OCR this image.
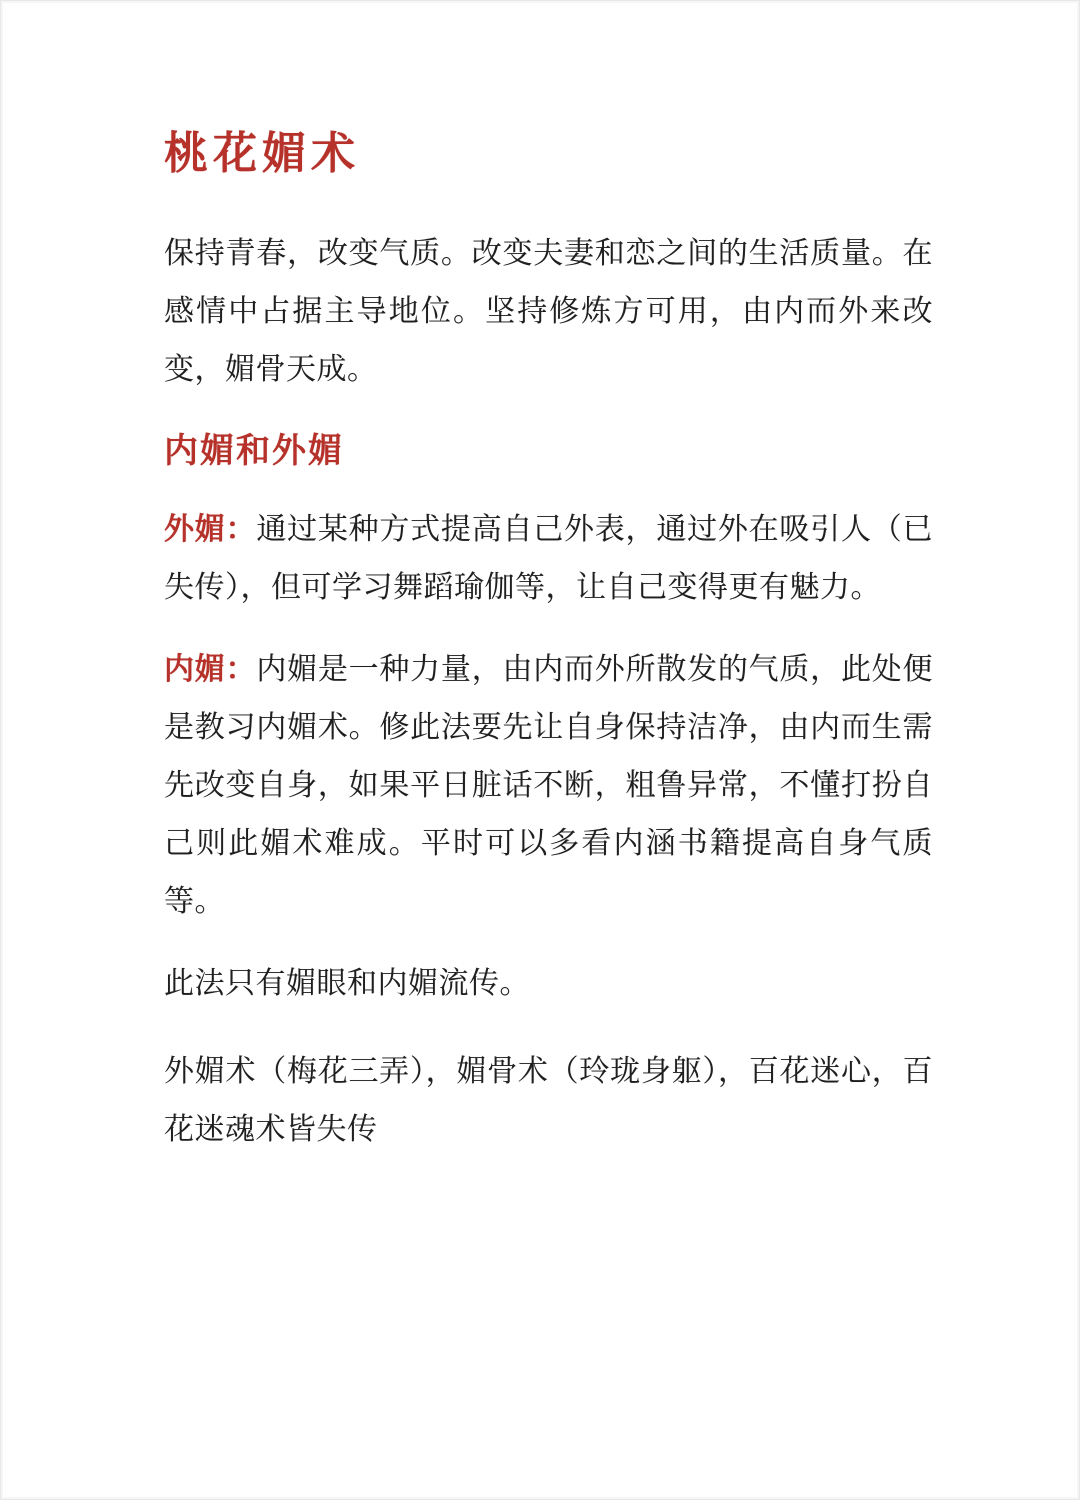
桃花媚术

保持青春，改变气质。改变夫妻和恋之间的生活质量。在感情中占据主导地位。坚持修炼方可用，由内而外来改变，媚骨天成。

内媚和外媚

外媚：通过某种方式提高自己外表，通过外在吸引人（已失传），但可学习舞蹈瑜伽等，让自己变得更有魅力。

内媚：内媚是一种力量，由内而外所散发的气质，此处便是教习内媚术。修此法要先让自身保持洁净，由内而生需先改变自身，如果平日脏话不断，粗鲁异常，不懂打扮自己则此媚术难成。平时可以多看内涵书籍提高自身气质等。

此法只有媚眼和内媚流传。

外媚术（梅花三弄），媚骨术（玲珑身躯），百花迷心，百花迷魂术皆失传
